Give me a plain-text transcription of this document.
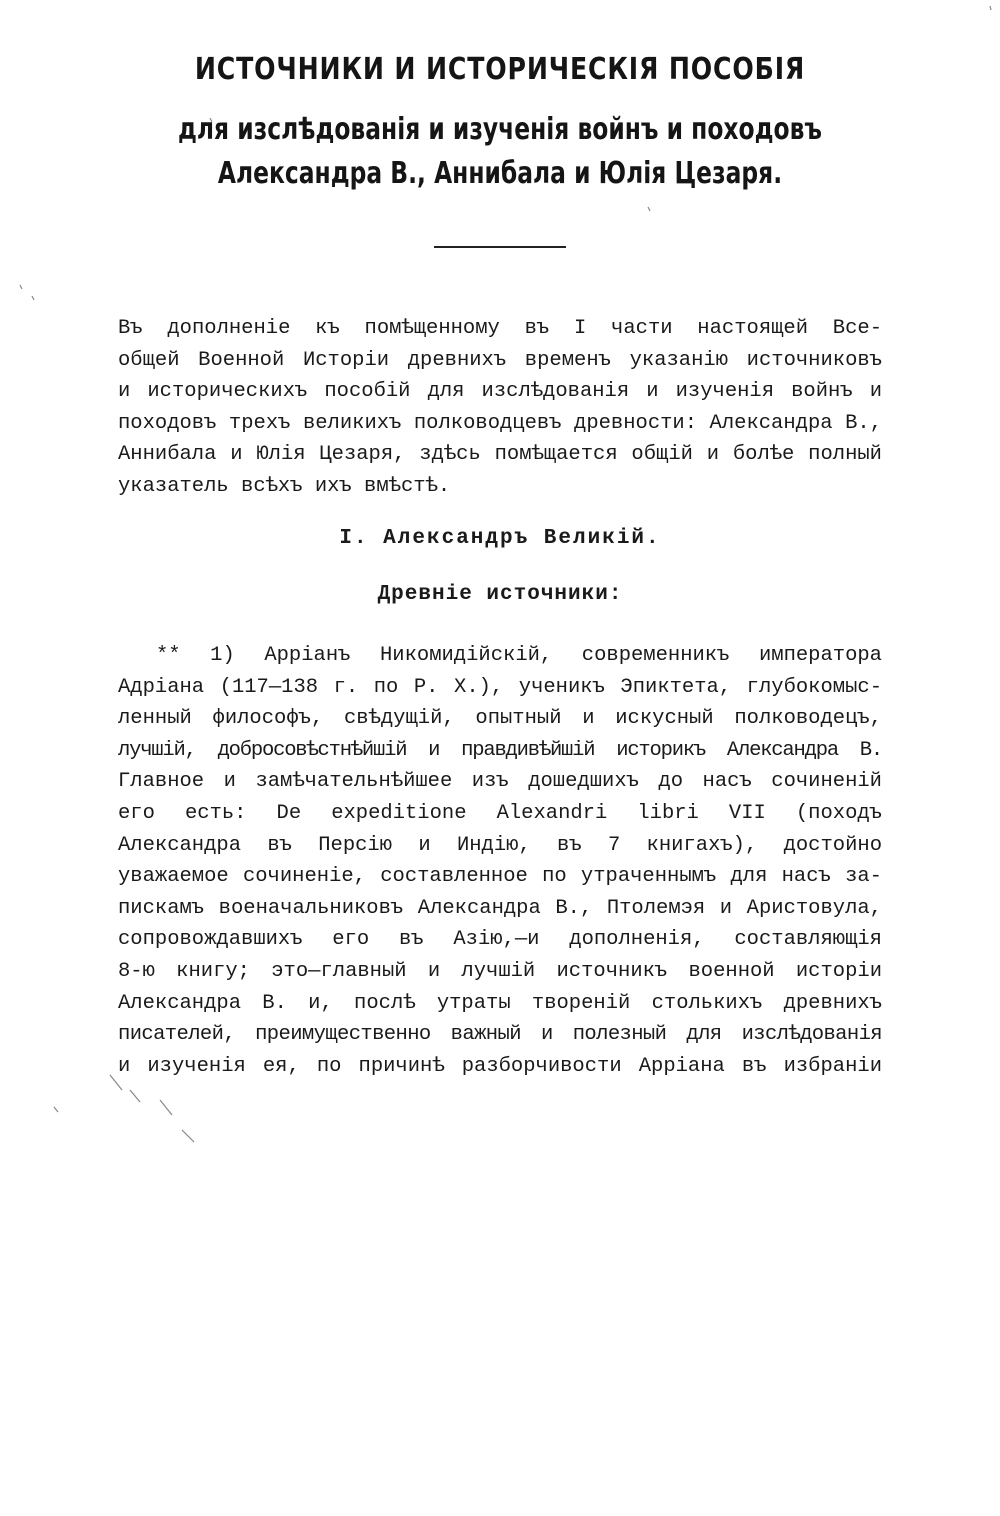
ИСТОЧНИКИ И ИСТОРИЧЕСКIЯ ПОСОБIЯ
для изслѣдованiя и изученiя войнъ и походовъ
Александра В., Аннибала и Юлiя Цезаря.

Въ дополненiе къ помѣщенному въ I части настоящей Все-
общей Военной Исторiи древнихъ временъ указанiю источниковъ
и историческихъ пособiй для изслѣдованiя и изученiя войнъ и
походовъ трехъ великихъ полководцевъ древности: Александра В.,
Аннибала и Юлiя Цезаря, здѣсь помѣщается общiй и болѣе полный
указатель всѣхъ ихъ вмѣстѣ.

I. Александръ Великiй.
Древнiе источники:

** 1) Арріанъ Никомидiйскiй, современникъ императора
Адрiана (117—138 г. по Р. Х.), ученикъ Эпиктета, глубокомыс-
ленный философъ, свѣдущiй, опытный и искусный полководецъ,
лучшiй, добросовѣстнѣйшiй и правдивѣйшiй историкъ Александра В.
Главное и замѣчательнѣйшее изъ дошедшихъ до насъ сочиненiй
его есть: De expeditione Alexandri libri VII (походъ
Александра въ Персiю и Индiю, въ 7 книгахъ), достойно
уважаемое сочиненiе, составленное по утраченнымъ для насъ за-
пискамъ военачальниковъ Александра В., Птолемэя и Аристовула,
сопровождавшихъ его въ Азiю,—и дополненiя, составляющiя
8-ю книгу; это—главный и лучшiй источникъ военной исторiи
Александра В. и, послѣ утраты творенiй столькихъ древнихъ
писателей, преимущественно важный и полезный для изслѣдованiя
и изученiя ея, по причинѣ разборчивости Арріана въ избранiи
